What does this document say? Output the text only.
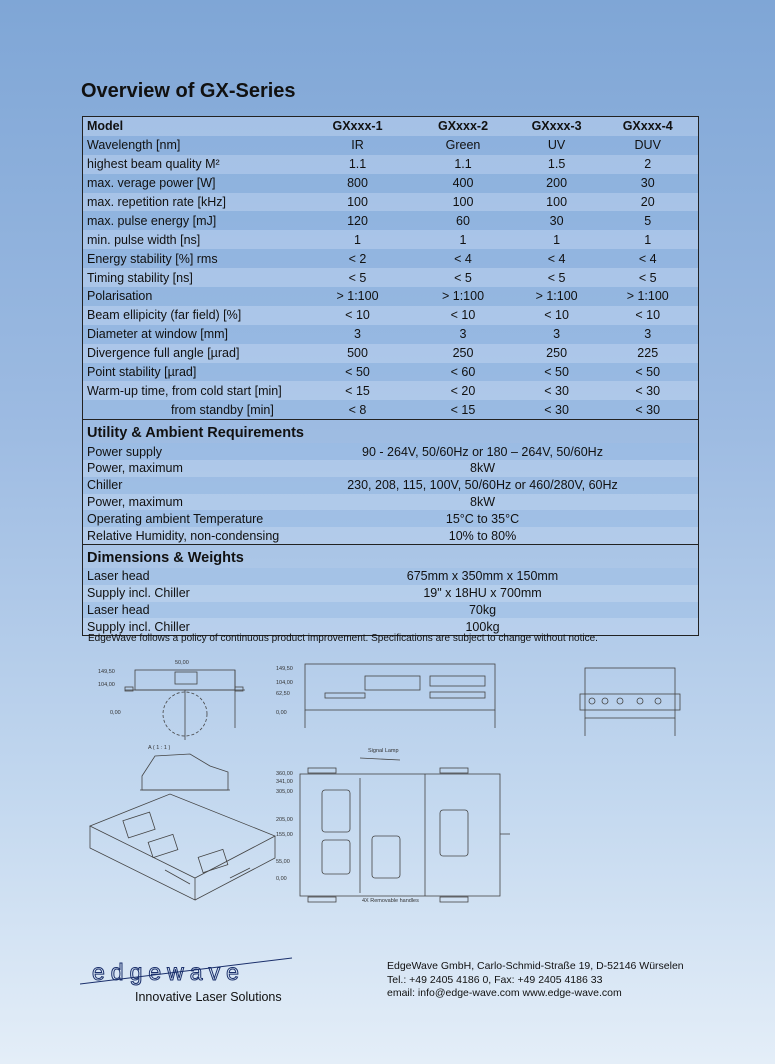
Overview of GX-Series
Model	GXxxx-1	GXxxx-2	GXxxx-3	GXxxx-4
Wavelength [nm]	IR	Green	UV	DUV
highest beam quality M²	1.1	1.1	1.5	2
max. verage power [W]	800	400	200	30
max. repetition rate [kHz]	100	100	100	20
max. pulse energy [mJ]	120	60	30	5
min. pulse width [ns]	1	1	1	1
Energy stability [%] rms	< 2	< 4	< 4	< 4
Timing stability [ns]	< 5	< 5	< 5	< 5
Polarisation	> 1:100	> 1:100	> 1:100	> 1:100
Beam ellipicity (far field) [%]	< 10	< 10	< 10	< 10
Diameter at window [mm]	3	3	3	3
Divergence full angle [µrad]	500	250	250	225
Point stability [µrad]	< 50	< 60	< 50	< 50
Warm-up time, from cold start [min]	< 15	< 20	< 30	< 30
from standby [min]	< 8	< 15	< 30	< 30
Utility & Ambient Requirements
Power supply	90 - 264V, 50/60Hz or 180 – 264V, 50/60Hz
Power, maximum	8kW
Chiller	230, 208, 115, 100V, 50/60Hz or 460/280V, 60Hz
Power, maximum	8kW
Operating ambient Temperature	15°C to 35°C
Relative Humidity, non-condensing	10% to 80%
Dimensions & Weights
Laser head	675mm x 350mm x 150mm
Supply incl. Chiller	19" x 18HU x 700mm
Laser head	70kg
Supply incl. Chiller	100kg
EdgeWave follows a policy of continuous product improvement. Specifications are subject to change without notice.
149,50
104,00
0,00
50,00
A ( 1 : 1 )
149,50
104,00
62,50
0,00
360,00
341,00
305,00
205,00
155,00
55,00
0,00
Signal Lamp
4X Removable handles
edgewave
Innovative Laser Solutions
EdgeWave GmbH, Carlo-Schmid-Straße 19, D-52146 Würselen
Tel.: +49 2405 4186 0, Fax: +49 2405 4186 33
email: info@edge-wave.com www.edge-wave.com
